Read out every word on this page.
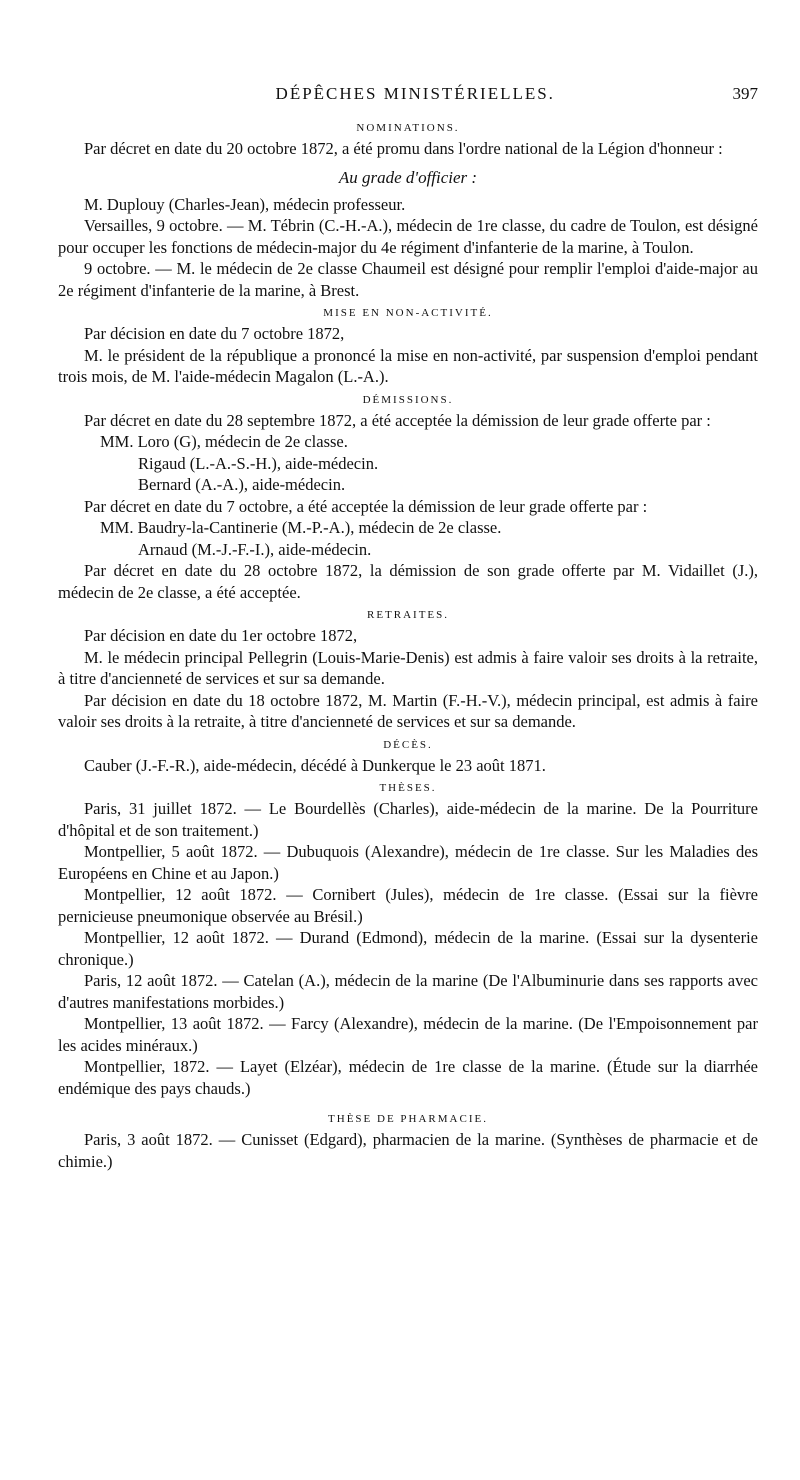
DÉPÊCHES MINISTÉRIELLES.	397
NOMINATIONS.

Par décret en date du 20 octobre 1872, a été promu dans l'ordre national de la Légion d'honneur :

Au grade d'officier :

M. Duplouy (Charles-Jean), médecin professeur.

Versailles, 9 octobre. — M. Tébrin (C.-H.-A.), médecin de 1re classe, du cadre de Toulon, est désigné pour occuper les fonctions de médecin-major du 4e régiment d'infanterie de la marine, à Toulon.

9 octobre. — M. le médecin de 2e classe Chaumeil est désigné pour remplir l'emploi d'aide-major au 2e régiment d'infanterie de la marine, à Brest.

MISE EN NON-ACTIVITÉ.

Par décision en date du 7 octobre 1872,

M. le président de la république a prononcé la mise en non-activité, par suspension d'emploi pendant trois mois, de M. l'aide-médecin Magalon (L.-A.).

DÉMISSIONS.

Par décret en date du 28 septembre 1872, a été acceptée la démission de leur grade offerte par :

MM. Loro (G), médecin de 2e classe.

Rigaud (L.-A.-S.-H.), aide-médecin.

Bernard (A.-A.), aide-médecin.

Par décret en date du 7 octobre, a été acceptée la démission de leur grade offerte par :

MM. Baudry-la-Cantinerie (M.-P.-A.), médecin de 2e classe.

Arnaud (M.-J.-F.-I.), aide-médecin.

Par décret en date du 28 octobre 1872, la démission de son grade offerte par M. Vidaillet (J.), médecin de 2e classe, a été acceptée.

RETRAITES.

Par décision en date du 1er octobre 1872,

M. le médecin principal Pellegrin (Louis-Marie-Denis) est admis à faire valoir ses droits à la retraite, à titre d'ancienneté de services et sur sa demande.

Par décision en date du 18 octobre 1872, M. Martin (F.-H.-V.), médecin principal, est admis à faire valoir ses droits à la retraite, à titre d'ancienneté de services et sur sa demande.

DÉCÈS.

Cauber (J.-F.-R.), aide-médecin, décédé à Dunkerque le 23 août 1871.

THÈSES.

Paris, 31 juillet 1872. — Le Bourdellès (Charles), aide-médecin de la marine. De la Pourriture d'hôpital et de son traitement.)

Montpellier, 5 août 1872. — Dubuquois (Alexandre), médecin de 1re classe. Sur les Maladies des Européens en Chine et au Japon.)

Montpellier, 12 août 1872. — Cornibert (Jules), médecin de 1re classe. (Essai sur la fièvre pernicieuse pneumonique observée au Brésil.)

Montpellier, 12 août 1872. — Durand (Edmond), médecin de la marine. (Essai sur la dysenterie chronique.)

Paris, 12 août 1872. — Catelan (A.), médecin de la marine (De l'Albuminurie dans ses rapports avec d'autres manifestations morbides.)

Montpellier, 13 août 1872. — Farcy (Alexandre), médecin de la marine. (De l'Empoisonnement par les acides minéraux.)

Montpellier, 1872. — Layet (Elzéar), médecin de 1re classe de la marine. (Étude sur la diarrhée endémique des pays chauds.)

THÈSE DE PHARMACIE.

Paris, 3 août 1872. — Cunisset (Edgard), pharmacien de la marine. (Synthèses de pharmacie et de chimie.)
